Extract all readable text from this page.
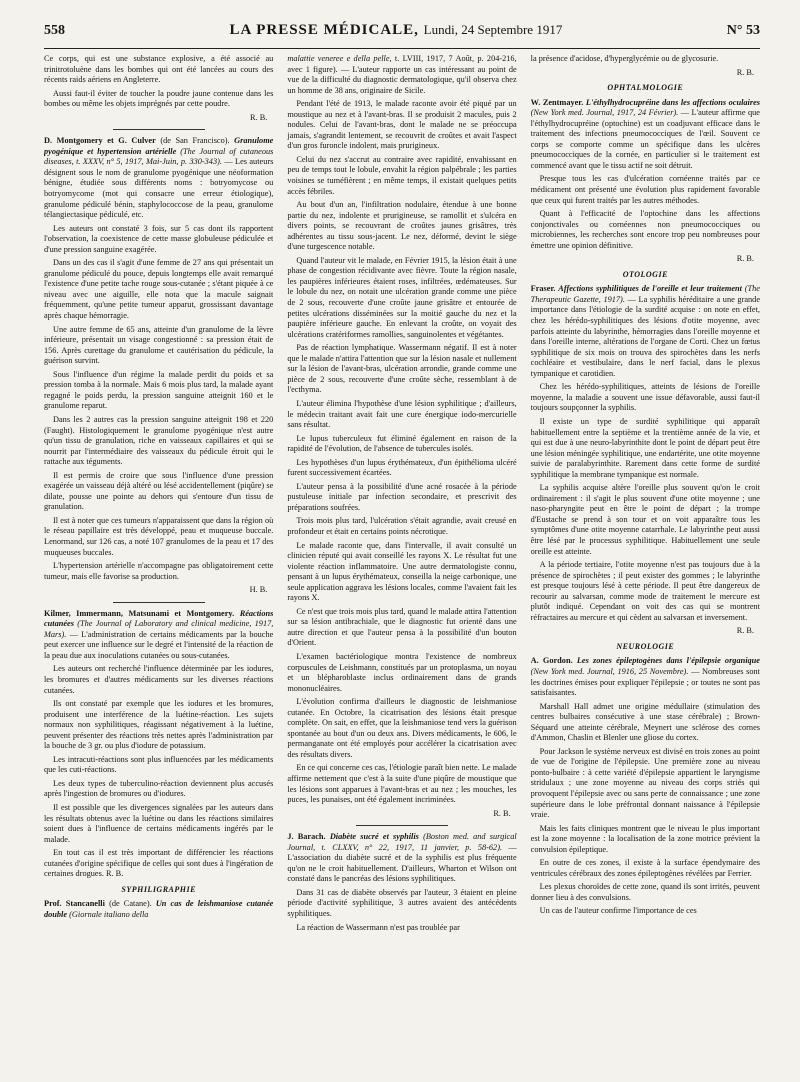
558	LA PRESSE MÉDICALE, Lundi, 24 Septembre 1917	N° 53

Ce corps, qui est une substance explosive, a été associé au trinitrotoluène dans les bombes qui ont été lancées au cours des récents raids aériens en Angleterre.

Aussi faut-il éviter de toucher la poudre jaune contenue dans les bombes ou même les objets imprégnés par cette poudre.

R. B.

D. Montgomery et G. Culver (de San Francisco). Granulome pyogénique et hypertension artérielle (The Journal of cutaneous diseases, t. XXXV, n° 5, 1917, Mai-Juin, p. 330-343). — Les auteurs désignent sous le nom de granulome pyogénique une néoformation bénigne, étudiée sous différents noms : botryomycose ou botryomycome (mot qui consacre une erreur étiologique), granulome pédiculé bénin, staphylococcose de la peau, granulome télangiectasique pédiculé, etc.

Les auteurs ont constaté 3 fois, sur 5 cas dont ils rapportent l'observation, la coexistence de cette masse globuleuse pédiculée et d'une pression sanguine exagérée.

Dans un des cas il s'agit d'une femme de 27 ans qui présentait un granulome pédiculé du pouce, depuis longtemps elle avait remarqué l'existence d'une petite tache rouge sous-cutanée ; s'étant piquée à ce niveau avec une aiguille, elle nota que la macule saignait fréquemment, qu'une petite tumeur apparut, grossissant davantage après chaque hémorragie.

Une autre femme de 65 ans, atteinte d'un granulome de la lèvre inférieure, présentait un visage congestionné : sa pression était de 156. Après curettage du granulome et cautérisation du pédicule, la guérison survint.

Sous l'influence d'un régime la malade perdit du poids et sa pression tomba à la normale. Mais 6 mois plus tard, la malade ayant regagné le poids perdu, la pression sanguine atteignit 160 et le granulome reparut.

Dans les 2 autres cas la pression sanguine atteignit 198 et 220 (Faught). Histologiquement le granulome pyogénique n'est autre qu'un tissu de granulation, riche en vaisseaux capillaires et qui se nourrit par l'intermédiaire des vaisseaux du pédicule étroit qui le rattache aux téguments.

Il est permis de croire que sous l'influence d'une pression exagérée un vaisseau déjà altéré ou lésé accidentellement (piqûre) se dilate, pousse une pointe au dehors qui s'entoure d'un tissu de granulation.

Il est à noter que ces tumeurs n'apparaissent que dans la région où le réseau papillaire est très développé, peau et muqueuse buccale. Lenormand, sur 126 cas, a noté 107 granulomes de la peau et 17 des muqueuses buccales.

L'hypertension artérielle n'accompagne pas obligatoirement cette tumeur, mais elle favorise sa production.

H. B.

Kilmer, Immermann, Matsunami et Montgomery. Réactions cutanées (The Journal of Laboratory and clinical medicine, 1917, Mars). — L'administration de certains médicaments par la bouche peut exercer une influence sur le degré et l'intensité de la réaction de la peau due aux inoculations cutanées ou sous-cutanées.

Les auteurs ont recherché l'influence déterminée par les iodures, les bromures et d'autres médicaments sur les diverses réactions cutanées.

Ils ont constaté par exemple que les iodures et les bromures, produisent une interférence de la luétine-réaction. Les sujets normaux non syphilitiques, réagissant négativement à la luétine, peuvent présenter des réactions très nettes après l'administration par la bouche de 3 gr. ou plus d'iodure de potassium.

Les intracuti-réactions sont plus influencées par les médicaments que les cuti-réactions.

Les deux types de tuberculino-réaction deviennent plus accusés après l'ingestion de bromures ou d'iodures.

Il est possible que les divergences signalées par les auteurs dans les résultats obtenus avec la luétine ou dans les réactions similaires soient dues à l'influence de certains médicaments ingérés par le malade.

En tout cas il est très important de différencier les réactions cutanées d'origine spécifique de celles qui sont dues à l'ingération de certaines drogues. R. B.

SYPHILIGRAPHIE

Prof. Stancanelli (de Catane). Un cas de leishmaniose cutanée double (Giornale italiano della

malattie veneree e della pelle, t. LVIII, 1917, 7 Août, p. 204-216, avec 1 figure). — L'auteur rapporte un cas intéressant au point de vue de la difficulté du diagnostic dermatologique, qu'il observa chez un homme de 38 ans, originaire de Sicile.

Pendant l'été de 1913, le malade raconte avoir été piqué par un moustique au nez et à l'avant-bras. Il se produisit 2 macules, puis 2 nodules. Celui de l'avant-bras, dont le malade ne se préoccupa jamais, s'agrandit lentement, se recouvrit de croûtes et avait l'aspect d'un gros furoncle indolent, mais prurigineux.

Celui du nez s'accrut au contraire avec rapidité, envahissant en peu de temps tout le lobule, envahit la région palpébrale ; les parties voisines se tuméfièrent ; en même temps, il existait quelques petits accès fébriles.

Au bout d'un an, l'infiltration nodulaire, étendue à une bonne partie du nez, indolente et prurigineuse, se ramollit et s'ulcéra en divers points, se recouvrant de croûtes jaunes grisâtres, très adhérentes au tissu sous-jacent. Le nez, déformé, devint le siège d'une turgescence notable.

Quand l'auteur vit le malade, en Février 1915, la lésion était à une phase de congestion récidivante avec fièvre. Toute la région nasale, les paupières inférieures étaient roses, infiltrées, œdémateuses. Sur le lobule du nez, on notait une ulcération grande comme une pièce de 2 sous, recouverte d'une croûte jaune grisâtre et entourée de petites ulcérations disséminées sur la moitié gauche du nez et la paupière inférieure gauche. En enlevant la croûte, on voyait des ulcérations cratériformes ramollies, sanguinolentes et végétantes.

Pas de réaction lymphatique. Wassermann négatif. Il est à noter que le malade n'attira l'attention que sur la lésion nasale et nullement sur la lésion de l'avant-bras, ulcération arrondie, grande comme une pièce de 2 sous, recouverte d'une croûte sèche, ressemblant à de l'ecthyma.

L'auteur élimina l'hypothèse d'une lésion syphilitique ; d'ailleurs, le médecin traitant avait fait une cure énergique iodo-mercurielle sans résultat.

Le lupus tuberculeux fut éliminé également en raison de la rapidité de l'évolution, de l'absence de tubercules isolés.

Les hypothèses d'un lupus érythémateux, d'un épithélioma ulcéré furent successivement écartées.

L'auteur pensa à la possibilité d'une acné rosacée à la période pustuleuse initiale par infection secondaire, et prescrivit des préparations soufrées.

Trois mois plus tard, l'ulcération s'était agrandie, avait creusé en profondeur et était en certains points nécrotique.

Le malade raconte que, dans l'intervalle, il avait consulté un clinicien réputé qui avait conseillé les rayons X. Le résultat fut une violente réaction inflammatoire. Une autre dermatologiste connu, pensant à un lupus érythémateux, conseilla la neige carbonique, une seule application aggrava les lésions locales, comme l'avaient fait les rayons X.

Ce n'est que trois mois plus tard, quand le malade attira l'attention sur sa lésion antibrachiale, que le diagnostic fut orienté dans une autre direction et que l'auteur pensa à la possibilité d'un bouton d'Orient.

L'examen bactériologique montra l'existence de nombreux corpuscules de Leishmann, constitués par un protoplasma, un noyau et un blépharoblaste inclus ordinairement dans de grands mononucléaires.

L'évolution confirma d'ailleurs le diagnostic de leishmaniose cutanée. En Octobre, la cicatrisation des lésions était presque complète. On sait, en effet, que la leishmaniose tend vers la guérison spontanée au bout d'un ou deux ans. Divers médicaments, le 606, le permanganate ont été employés pour accélérer la cicatrisation avec des résultats divers.

En ce qui concerne ces cas, l'étiologie paraît bien nette. Le malade affirme nettement que c'est à la suite d'une piqûre de moustique que les lésions sont apparues à l'avant-bras et au nez ; les mouches, les puces, les punaises, ont été également incriminées.

R. B.

J. Barach. Diabète sucré et syphilis (Boston med. and surgical Journal, t. CLXXV, n° 22, 1917, 11 janvier, p. 58-62). — L'association du diabète sucré et de la syphilis est plus fréquente qu'on ne le croit habituellement. D'ailleurs, Wharton et Wilson ont constaté dans le pancréas des lésions syphilitiques.

Dans 31 cas de diabète observés par l'auteur, 3 étaient en pleine période d'activité syphilitique, 3 autres avaient des antécédents syphilitiques.

La réaction de Wassermann n'est pas troublée par

la présence d'acidose, d'hyperglycémie ou de glycosurie.

R. B.
OPHTALMOLOGIE

W. Zentmayer. L'éthylhydrocupréine dans les affections oculaires (New York med. Journal, 1917, 24 Février). — L'auteur affirme que l'éthylhydrocupréine (optochine) est un coadjuvant efficace dans le traitement des infections pneumococciques de l'œil. Souvent ce corps se comporte comme un spécifique dans les ulcères pneumococciques de la cornée, en particulier si le traitement est commencé avant que le tissu actif ne soit détruit.

Presque tous les cas d'ulcération cornéenne traités par ce médicament ont présenté une évolution plus rapidement favorable que ceux qui furent traités par les autres méthodes.

Quant à l'efficacité de l'optochine dans les affections conjonctivales ou cornéennes non pneumococciques ou microbiennes, les recherches sont encore trop peu nombreuses pour émettre une opinion définitive.

R. B.
OTOLOGIE

Fraser. Affections syphilitiques de l'oreille et leur traitement (The Therapeutic Gazette, 1917). — La syphilis héréditaire a une grande importance dans l'étiologie de la surdité acquise : on note en effet, chez les hérédo-syphilitiques des lésions d'otite moyenne, avec parfois atteinte du labyrinthe, hémorragies dans l'oreille moyenne et dans l'oreille interne, altérations de l'organe de Corti. Chez un fœtus syphilitique de six mois on trouva des spirochètes dans les nerfs cochléaire et vestibulaire, dans le nerf facial, dans le plexus tympanique et carotidien.

Chez les hérédo-syphilitiques, atteints de lésions de l'oreille moyenne, la maladie a souvent une issue défavorable, aussi faut-il toujours soupçonner la syphilis.

Il existe un type de surdité syphilitique qui apparaît habituellement entre la septième et la trentième année de la vie, et qui est due à une neuro-labyrinthite dont le point de départ peut être une lésion méningée syphilitique, une endartérite, une otite moyenne suivie de paralabyrinthite. Rarement dans cette forme de surdité syphilitique la membrane tympanique est normale.

La syphilis acquise altère l'oreille plus souvent qu'on le croit ordinairement : il s'agit le plus souvent d'une otite moyenne ; une naso-pharyngite peut en être le point de départ ; la trompe d'Eustache se prend à son tour et on voit apparaître tous les symptômes d'une otite moyenne catarrhale. Le labyrinthe peut aussi être lésé par le processus syphilitique. Habituellement une seule oreille est atteinte.

A la période tertiaire, l'otite moyenne n'est pas toujours due à la présence de spirochètes ; il peut exister des gommes ; le labyrinthe est presque toujours lésé à cette période. Il peut être dangereux de recourir au salvarsan, comme mode de traitement le mercure est plutôt indiqué. Cependant on voit des cas qui se montrent réfractaires au mercure et qui cèdent au salvarsan et inversement.

R. B.
NEUROLOGIE

A. Gordon. Les zones épileptogènes dans l'épilepsie organique (New York med. Journal, 1916, 25 Novembre). — Nombreuses sont les doctrines émises pour expliquer l'épilepsie ; or toutes ne sont pas satisfaisantes.

Marshall Hall admet une origine médullaire (stimulation des centres bulbaires consécutive à une stase cérébrale) ; Brown-Séquard une atteinte cérébrale, Meynert une sclérose des cornes d'Ammon, Chaslin et Blenler une gliose du cortex.

Pour Jackson le système nerveux est divisé en trois zones au point de vue de l'origine de l'épilepsie. Une première zone au niveau ponto-bulbaire : à cette variété d'épilepsie appartient le laryngisme stridulaux ; une zone moyenne au niveau des corps striés qui provoquent l'épilepsie avec ou sans perte de connaissance ; une zone supérieure dans le lobe préfrontal donnant naissance à l'épilepsie vraie.

Mais les faits cliniques montrent que le niveau le plus important est la zone moyenne : la localisation de la zone motrice prévient la convulsion épileptique.

En outre de ces zones, il existe à la surface épendymaire des ventricules cérébraux des zones épileptogènes révélées par Ferrier.

Les plexus choroïdes de cette zone, quand ils sont irrités, peuvent donner lieu à des convulsions.

Un cas de l'auteur confirme l'importance de ces
